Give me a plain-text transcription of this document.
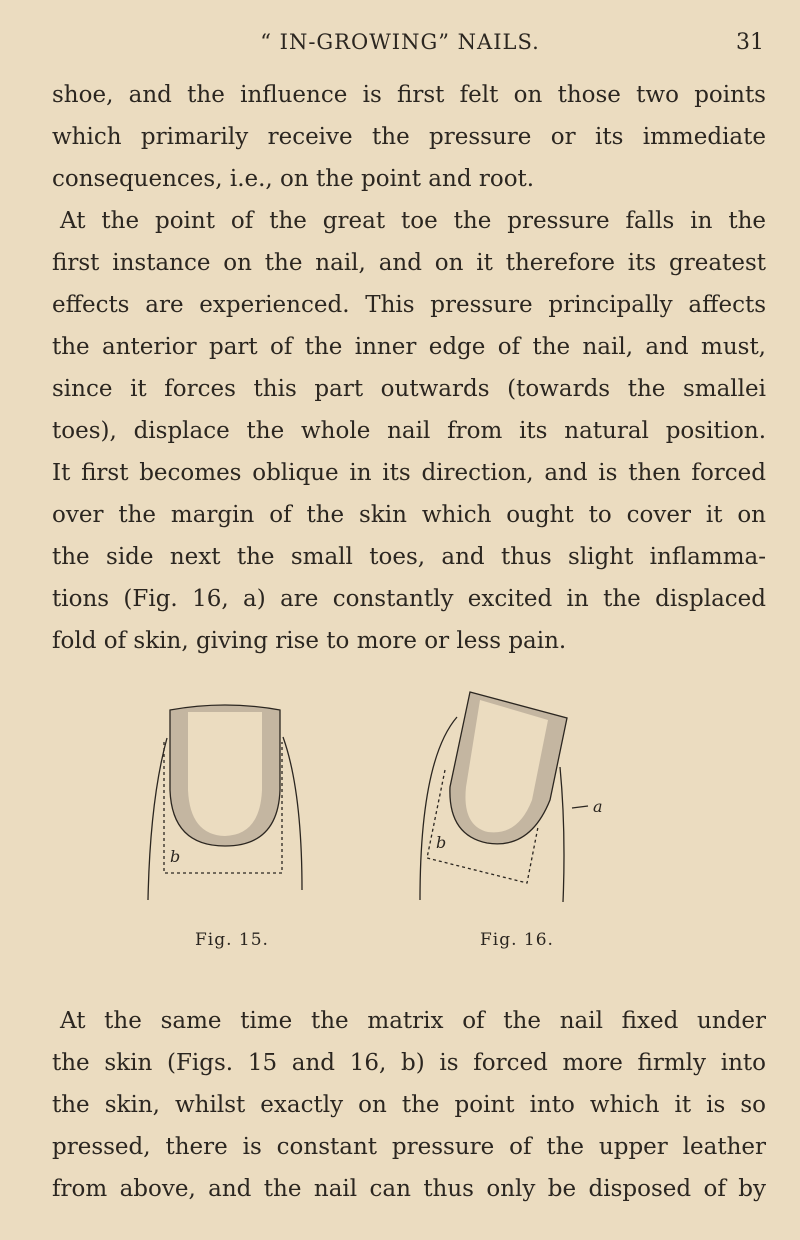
“ IN-GROWING” NAILS.	31
shoe, and the influence is first felt on those two points
which primarily receive the pressure or its immediate
consequences, i.e., on the point and root.
At the point of the great toe the pressure falls in the
first instance on the nail, and on it therefore its greatest
effects are experienced. This pressure principally affects
the anterior part of the inner edge of the nail, and must,
since it forces this part outwards (towards the smallei
toes), displace the whole nail from its natural position.
It first becomes oblique in its direction, and is then forced
over the margin of the skin which ought to cover it on
the side next the small toes, and thus slight inflamma-
tions (Fig. 16, a) are constantly excited in the displaced
fold of skin, giving rise to more or less pain.
b
a
b
Fig. 15.	Fig. 16.
At the same time the matrix of the nail fixed under
the skin (Figs. 15 and 16, b) is forced more firmly into
the skin, whilst exactly on the point into which it is so
pressed, there is constant pressure of the upper leather
from above, and the nail can thus only be disposed of by
